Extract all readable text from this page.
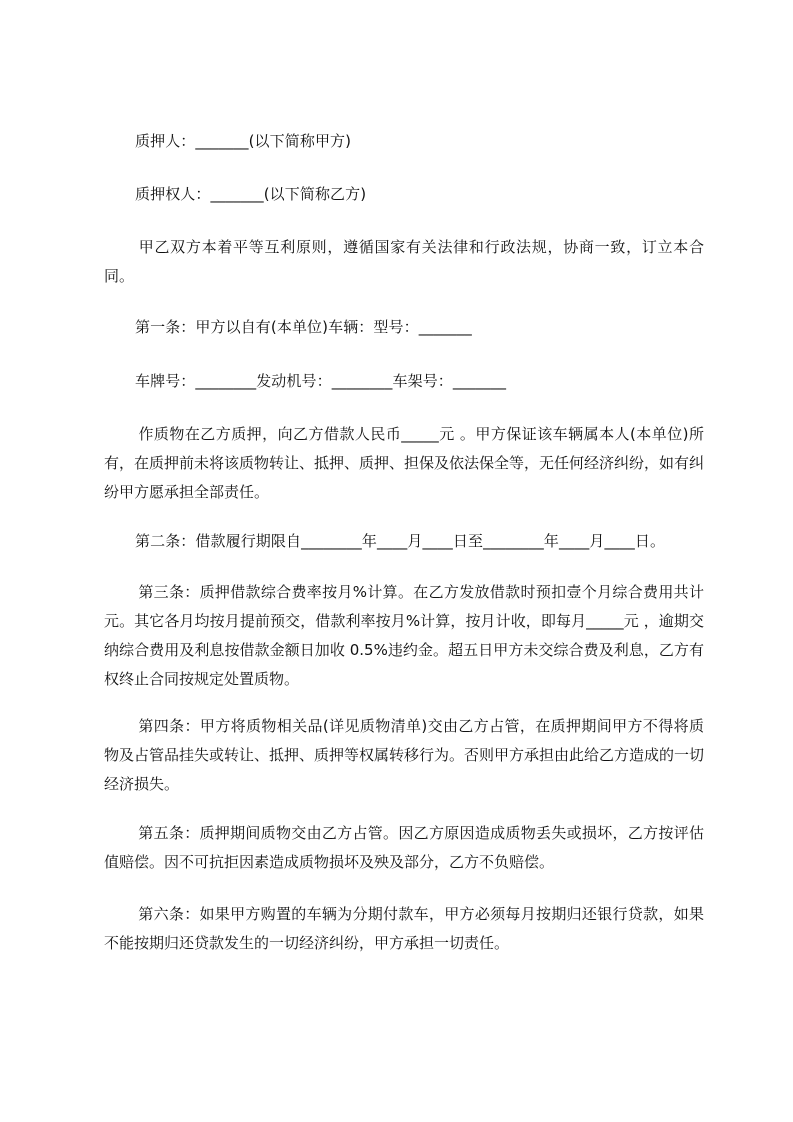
质押人：_______(以下简称甲方)
质押权人：_______(以下简称乙方)
甲乙双方本着平等互利原则，遵循国家有关法律和行政法规，协商一致，订立本合同。
第一条：甲方以自有(本单位)车辆：型号：_______
车牌号：________发动机号：________车架号：_______
作质物在乙方质押，向乙方借款人民币_____元 。甲方保证该车辆属本人(本单位)所有，在质押前未将该质物转让、抵押、质押、担保及依法保全等，无任何经济纠纷，如有纠纷甲方愿承担全部责任。
第二条：借款履行期限自________年____月____日至________年____月____日。
第三条：质押借款综合费率按月%计算。在乙方发放借款时预扣壹个月综合费用共计元。其它各月均按月提前预交，借款利率按月%计算，按月计收，即每月_____元 ，逾期交纳综合费用及利息按借款金额日加收 0.5%违约金。超五日甲方未交综合费及利息，乙方有权终止合同按规定处置质物。
第四条：甲方将质物相关品(详见质物清单)交由乙方占管，在质押期间甲方不得将质物及占管品挂失或转让、抵押、质押等权属转移行为。否则甲方承担由此给乙方造成的一切经济损失。
第五条：质押期间质物交由乙方占管。因乙方原因造成质物丢失或损坏，乙方按评估值赔偿。因不可抗拒因素造成质物损坏及殃及部分，乙方不负赔偿。
第六条：如果甲方购置的车辆为分期付款车，甲方必须每月按期归还银行贷款，如果不能按期归还贷款发生的一切经济纠纷，甲方承担一切责任。
